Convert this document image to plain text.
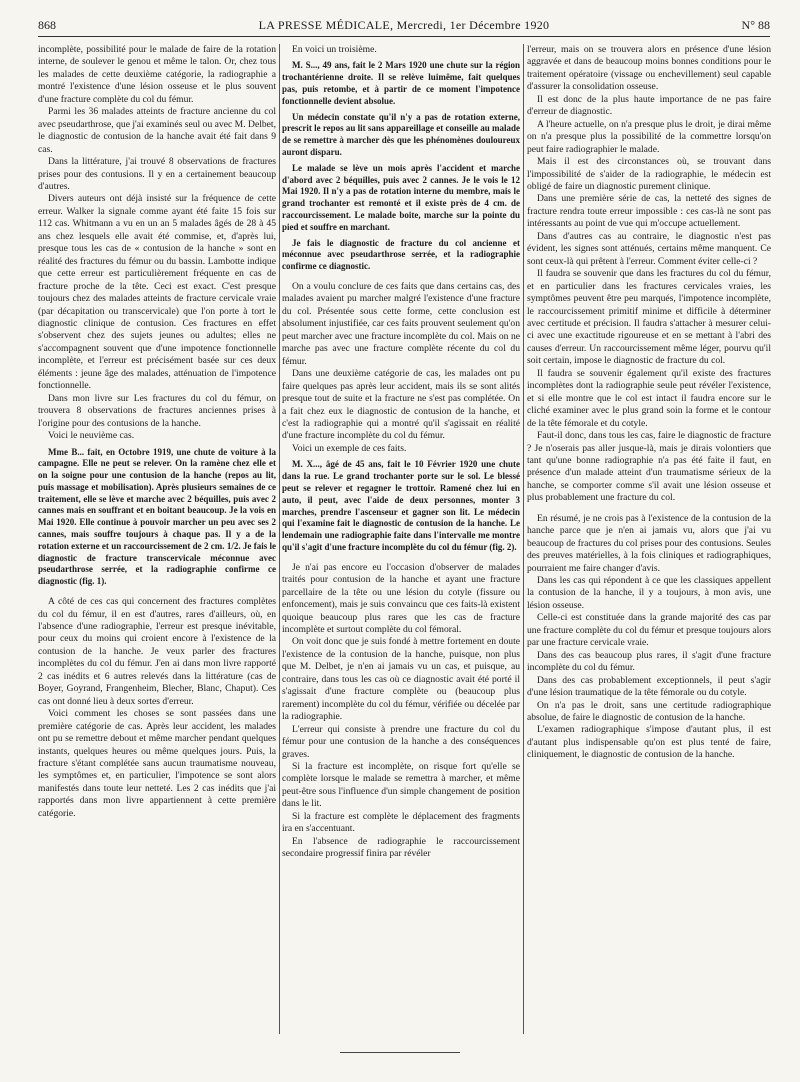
868	LA PRESSE MÉDICALE, Mercredi, 1er Décembre 1920	N° 88

incomplète, possibilité pour le malade de faire de la rotation interne, de soulever le genou et même le talon. Or, chez tous les malades de cette deuxième catégorie, la radiographie a montré l'existence d'une lésion osseuse et le plus souvent d'une fracture complète du col du fémur.

Parmi les 36 malades atteints de fracture ancienne du col avec pseudarthrose, que j'ai examinés seul ou avec M. Delbet, le diagnostic de contusion de la hanche avait été fait dans 9 cas.

Dans la littérature, j'ai trouvé 8 observations de fractures prises pour des contusions. Il y en a certainement beaucoup d'autres.

Divers auteurs ont déjà insisté sur la fréquence de cette erreur. Walker la signale comme ayant été faite 15 fois sur 112 cas. Whitmann a vu en un an 5 malades âgés de 28 à 45 ans chez lesquels elle avait été commise, et, d'après lui, presque tous les cas de « contusion de la hanche » sont en réalité des fractures du fémur ou du bassin. Lambotte indique que cette erreur est particulièrement fréquente en cas de fracture proche de la tête. Ceci est exact. C'est presque toujours chez des malades atteints de fracture cervicale vraie (par décapitation ou transcervicale) que l'on porte à tort le diagnostic clinique de contusion. Ces fractures en effet s'observent chez des sujets jeunes ou adultes; elles ne s'accompagnent souvent que d'une impotence fonctionnelle incomplète, et l'erreur est précisément basée sur ces deux éléments : jeune âge des malades, atténuation de l'impotence fonctionnelle.

Dans mon livre sur Les fractures du col du fémur, on trouvera 8 observations de fractures anciennes prises à l'origine pour des contusions de la hanche.

Voici le neuvième cas.

Mme B... fait, en Octobre 1919, une chute de voiture à la campagne. Elle ne peut se relever. On la ramène chez elle et on la soigne pour une contusion de la hanche (repos au lit, puis massage et mobilisation). Après plusieurs semaines de ce traitement, elle se lève et marche avec 2 béquilles, puis avec 2 cannes mais en souffrant et en boitant beaucoup. Je la vois en Mai 1920. Elle continue à pouvoir marcher un peu avec ses 2 cannes, mais souffre toujours à chaque pas. Il y a de la rotation externe et un raccourcissement de 2 cm. 1/2. Je fais le diagnostic de fracture transcervicale méconnue avec pseudarthrose serrée, et la radiographie confirme ce diagnostic (fig. 1).

A côté de ces cas qui concernent des fractures complètes du col du fémur, il en est d'autres, rares d'ailleurs, où, en l'absence d'une radiographie, l'erreur est presque inévitable, pour ceux du moins qui croient encore à l'existence de la contusion de la hanche. Je veux parler des fractures incomplètes du col du fémur. J'en ai dans mon livre rapporté 2 cas inédits et 6 autres relevés dans la littérature (cas de Boyer, Goyrand, Frangenheim, Blecher, Blanc, Chaput). Ces cas ont donné lieu à deux sortes d'erreur.

Voici comment les choses se sont passées dans une première catégorie de cas. Après leur accident, les malades ont pu se remettre debout et même marcher pendant quelques instants, quelques heures ou même quelques jours. Puis, la fracture s'étant complétée sans aucun traumatisme nouveau, les symptômes et, en particulier, l'impotence se sont alors manifestés dans toute leur netteté. Les 2 cas inédits que j'ai rapportés dans mon livre appartiennent à cette première catégorie.

En voici un troisième.

M. S..., 49 ans, fait le 2 Mars 1920 une chute sur la région trochantérienne droite. Il se relève luimême, fait quelques pas, puis retombe, et à partir de ce moment l'impotence fonctionnelle devient absolue.

Un médecin constate qu'il n'y a pas de rotation externe, prescrit le repos au lit sans appareillage et conseille au malade de se remettre à marcher dès que les phénomènes douloureux auront disparu.

Le malade se lève un mois après l'accident et marche d'abord avec 2 béquilles, puis avec 2 cannes. Je le vois le 12 Mai 1920. Il n'y a pas de rotation interne du membre, mais le grand trochanter est remonté et il existe près de 4 cm. de raccourcissement. Le malade boite, marche sur la pointe du pied et souffre en marchant.

Je fais le diagnostic de fracture du col ancienne et méconnue avec pseudarthrose serrée, et la radiographie confirme ce diagnostic.

On a voulu conclure de ces faits que dans certains cas, des malades avaient pu marcher malgré l'existence d'une fracture du col. Présentée sous cette forme, cette conclusion est absolument injustifiée, car ces faits prouvent seulement qu'on peut marcher avec une fracture incomplète du col. Mais on ne marche pas avec une fracture complète récente du col du fémur.

Dans une deuxième catégorie de cas, les malades ont pu faire quelques pas après leur accident, mais ils se sont alités presque tout de suite et la fracture ne s'est pas complétée. On a fait chez eux le diagnostic de contusion de la hanche, et c'est la radiographie qui a montré qu'il s'agissait en réalité d'une fracture incomplète du col du fémur.

Voici un exemple de ces faits.

M. X..., âgé de 45 ans, fait le 10 Février 1920 une chute dans la rue. Le grand trochanter porte sur le sol. Le blessé peut se relever et regagner le trottoir. Ramené chez lui en auto, il peut, avec l'aide de deux personnes, monter 3 marches, prendre l'ascenseur et gagner son lit. Le médecin qui l'examine fait le diagnostic de contusion de la hanche. Le lendemain une radiographie faite dans l'intervalle me montre qu'il s'agit d'une fracture incomplète du col du fémur (fig. 2).

Je n'ai pas encore eu l'occasion d'observer de malades traités pour contusion de la hanche et ayant une fracture parcellaire de la tête ou une lésion du cotyle (fissure ou enfoncement), mais je suis convaincu que ces faits-là existent quoique beaucoup plus rares que les cas de fracture incomplète et surtout complète du col fémoral.

On voit donc que je suis fondé à mettre fortement en doute l'existence de la contusion de la hanche, puisque, non plus que M. Delbet, je n'en ai jamais vu un cas, et puisque, au contraire, dans tous les cas où ce diagnostic avait été porté il s'agissait d'une fracture complète ou (beaucoup plus rarement) incomplète du col du fémur, vérifiée ou décelée par la radiographie.

L'erreur qui consiste à prendre une fracture du col du fémur pour une contusion de la hanche a des conséquences graves.

Si la fracture est incomplète, on risque fort qu'elle se complète lorsque le malade se remettra à marcher, et même peut-être sous l'influence d'un simple changement de position dans le lit.

Si la fracture est complète le déplacement des fragments ira en s'accentuant.

En l'absence de radiographie le raccourcissement secondaire progressif finira par révéler

l'erreur, mais on se trouvera alors en présence d'une lésion aggravée et dans de beaucoup moins bonnes conditions pour le traitement opératoire (vissage ou enchevillement) seul capable d'assurer la consolidation osseuse.

Il est donc de la plus haute importance de ne pas faire d'erreur de diagnostic.

A l'heure actuelle, on n'a presque plus le droit, je dirai même on n'a presque plus la possibilité de la commettre lorsqu'on peut faire radiographier le malade.

Mais il est des circonstances où, se trouvant dans l'impossibilité de s'aider de la radiographie, le médecin est obligé de faire un diagnostic purement clinique.

Dans une première série de cas, la netteté des signes de fracture rendra toute erreur impossible : ces cas-là ne sont pas intéressants au point de vue qui m'occupe actuellement.

Dans d'autres cas au contraire, le diagnostic n'est pas évident, les signes sont atténués, certains même manquent. Ce sont ceux-là qui prêtent à l'erreur. Comment éviter celle-ci ?

Il faudra se souvenir que dans les fractures du col du fémur, et en particulier dans les fractures cervicales vraies, les symptômes peuvent être peu marqués, l'impotence incomplète, le raccourcissement primitif minime et difficile à déterminer avec certitude et précision. Il faudra s'attacher à mesurer celui-ci avec une exactitude rigoureuse et en se mettant à l'abri des causes d'erreur. Un raccourcissement même léger, pourvu qu'il soit certain, impose le diagnostic de fracture du col.

Il faudra se souvenir également qu'il existe des fractures incomplètes dont la radiographie seule peut révéler l'existence, et si elle montre que le col est intact il faudra encore sur le cliché examiner avec le plus grand soin la forme et le contour de la tête fémorale et du cotyle.

Faut-il donc, dans tous les cas, faire le diagnostic de fracture ? Je n'oserais pas aller jusque-là, mais je dirais volontiers que tant qu'une bonne radiographie n'a pas été faite il faut, en présence d'un malade atteint d'un traumatisme sérieux de la hanche, se comporter comme s'il avait une lésion osseuse et plus probablement une fracture du col.

En résumé, je ne crois pas à l'existence de la contusion de la hanche parce que je n'en ai jamais vu, alors que j'ai vu beaucoup de fractures du col prises pour des contusions. Seules des preuves matérielles, à la fois cliniques et radiographiques, pourraient me faire changer d'avis.

Dans les cas qui répondent à ce que les classiques appellent la contusion de la hanche, il y a toujours, à mon avis, une lésion osseuse.

Celle-ci est constituée dans la grande majorité des cas par une fracture complète du col du fémur et presque toujours alors par une fracture cervicale vraie.

Dans des cas beaucoup plus rares, il s'agit d'une fracture incomplète du col du fémur.

Dans des cas probablement exceptionnels, il peut s'agir d'une lésion traumatique de la tête fémorale ou du cotyle.

On n'a pas le droit, sans une certitude radiographique absolue, de faire le diagnostic de contusion de la hanche.

L'examen radiographique s'impose d'autant plus, il est d'autant plus indispensable qu'on est plus tenté de faire, cliniquement, le diagnostic de contusion de la hanche.
